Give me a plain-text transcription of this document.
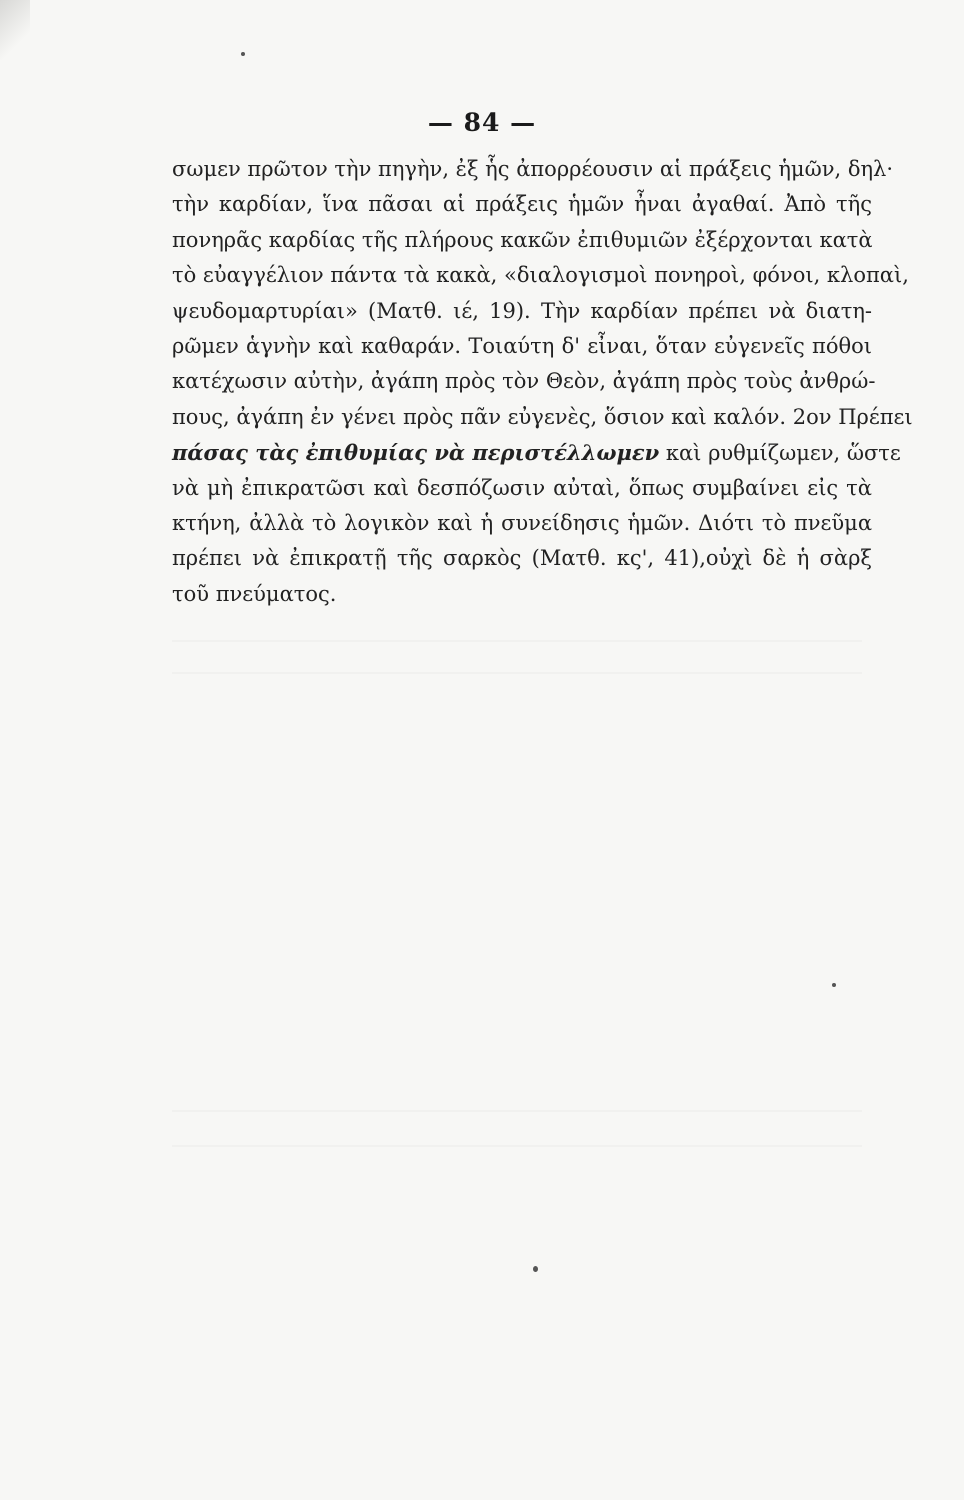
— 84 —
σωμεν πρῶτον τὴν πηγὴν, ἐξ ἧς ἀπορρέουσιν αἱ πράξεις ἡμῶν, δηλ·
τὴν καρδίαν, ἵνα πᾶσαι αἱ πράξεις ἡμῶν ἦναι ἀγαθαί. Ἀπὸ τῆς
πονηρᾶς καρδίας τῆς πλήρους κακῶν ἐπιθυμιῶν ἐξέρχονται κατὰ
τὸ εὐαγγέλιον πάντα τὰ κακὰ, «διαλογισμοὶ πονηροὶ, φόνοι, κλοπαὶ,
ψευδομαρτυρίαι» (Ματθ. ιέ, 19). Τὴν καρδίαν πρέπει νὰ διατη-
ρῶμεν ἁγνὴν καὶ καθαράν. Τοιαύτη δ' εἶναι, ὅταν εὐγενεῖς πόθοι
κατέχωσιν αὐτὴν, ἀγάπη πρὸς τὸν Θεὸν, ἀγάπη πρὸς τοὺς ἀνθρώ-
πους, ἀγάπη ἐν γένει πρὸς πᾶν εὐγενὲς, ὅσιον καὶ καλόν. 2ον Πρέπει
πάσας τὰς ἐπιθυμίας νὰ περιστέλλωμεν καὶ ρυθμίζωμεν, ὥστε
νὰ μὴ ἐπικρατῶσι καὶ δεσπόζωσιν αὐταὶ, ὅπως συμβαίνει εἰς τὰ
κτήνη, ἀλλὰ τὸ λογικὸν καὶ ἡ συνείδησις ἡμῶν. Διότι τὸ πνεῦμα
πρέπει νὰ ἐπικρατῇ τῆς σαρκὸς (Ματθ. κς', 41),οὐχὶ δὲ ἡ σὰρξ
τοῦ πνεύματος.
